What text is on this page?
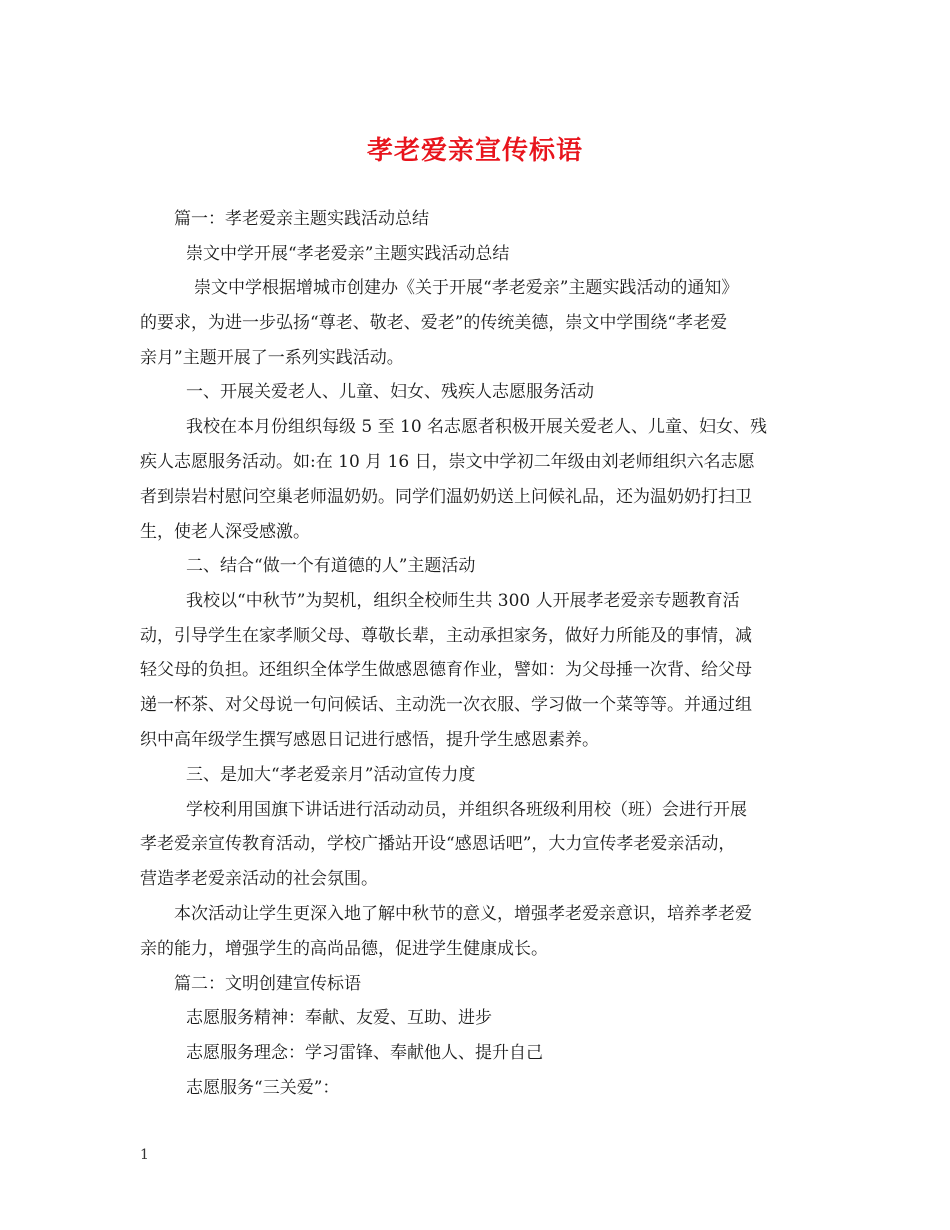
孝老爱亲宣传标语
篇一：孝老爱亲主题实践活动总结
崇文中学开展“孝老爱亲”主题实践活动总结
崇文中学根据增城市创建办《关于开展“孝老爱亲”主题实践活动的通知》
的要求，为进一步弘扬“尊老、敬老、爱老”的传统美德，崇文中学围绕“孝老爱
亲月”主题开展了一系列实践活动。
一、开展关爱老人、儿童、妇女、残疾人志愿服务活动
我校在本月份组织每级 5 至 10 名志愿者积极开展关爱老人、儿童、妇女、残
疾人志愿服务活动。如:在 10 月 16 日，崇文中学初二年级由刘老师组织六名志愿
者到崇岩村慰问空巢老师温奶奶。同学们温奶奶送上问候礼品，还为温奶奶打扫卫
生，使老人深受感激。
二、结合“做一个有道德的人”主题活动
我校以“中秋节”为契机，组织全校师生共 300 人开展孝老爱亲专题教育活
动，引导学生在家孝顺父母、尊敬长辈，主动承担家务，做好力所能及的事情，减
轻父母的负担。还组织全体学生做感恩德育作业，譬如：为父母捶一次背、给父母
递一杯茶、对父母说一句问候话、主动洗一次衣服、学习做一个菜等等。并通过组
织中高年级学生撰写感恩日记进行感悟，提升学生感恩素养。
三、是加大“孝老爱亲月”活动宣传力度
学校利用国旗下讲话进行活动动员，并组织各班级利用校（班）会进行开展
孝老爱亲宣传教育活动，学校广播站开设“感恩话吧”，大力宣传孝老爱亲活动，
营造孝老爱亲活动的社会氛围。
本次活动让学生更深入地了解中秋节的意义，增强孝老爱亲意识，培养孝老爱
亲的能力，增强学生的高尚品德，促进学生健康成长。
篇二：文明创建宣传标语
志愿服务精神：奉献、友爱、互助、进步
志愿服务理念：学习雷锋、奉献他人、提升自己
志愿服务“三关爱”：
1
